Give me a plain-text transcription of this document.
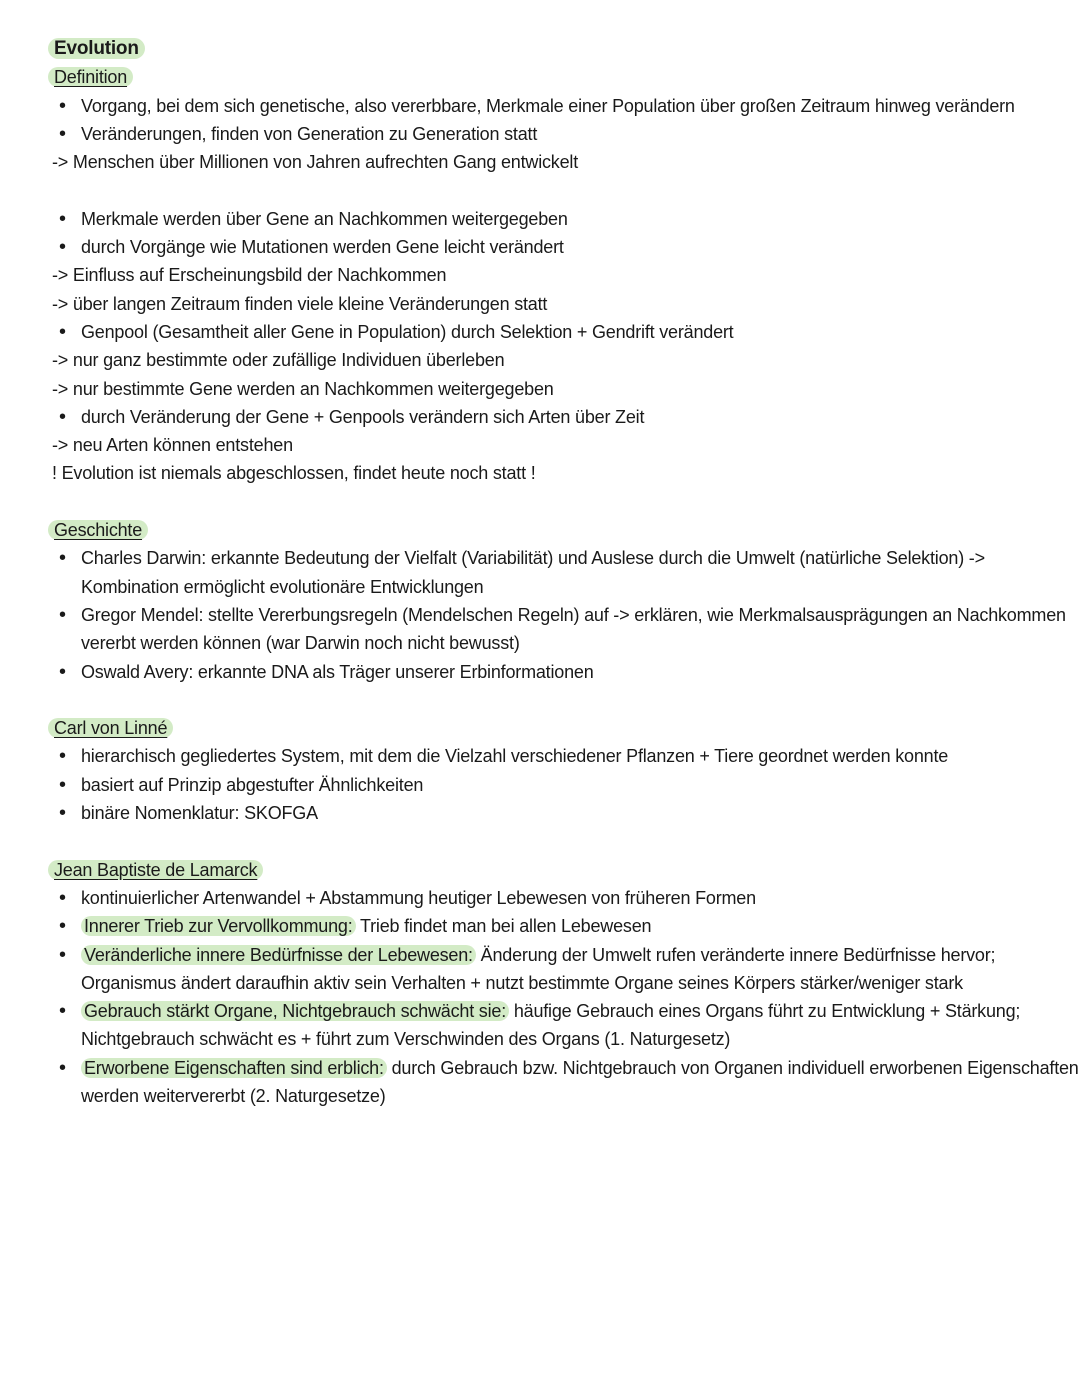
Evolution
Definition
• Vorgang, bei dem sich genetische, also vererbbare, Merkmale einer Population über großen Zeitraum hinweg verändern
• Veränderungen, finden von Generation zu Generation statt
-> Menschen über Millionen von Jahren aufrechten Gang entwickelt
• Merkmale werden über Gene an Nachkommen weitergegeben
• durch Vorgänge wie Mutationen werden Gene leicht verändert
-> Einfluss auf Erscheinungsbild der Nachkommen
-> über langen Zeitraum finden viele kleine Veränderungen statt
• Genpool (Gesamtheit aller Gene in Population) durch Selektion + Gendrift verändert
-> nur ganz bestimmte oder zufällige Individuen überleben
-> nur bestimmte Gene werden an Nachkommen weitergegeben
• durch Veränderung der Gene + Genpools verändern sich Arten über Zeit
-> neu Arten können entstehen
! Evolution ist niemals abgeschlossen, findet heute noch statt !
Geschichte
• Charles Darwin: erkannte Bedeutung der Vielfalt (Variabilität) und Auslese durch die Umwelt (natürliche Selektion) ->
Kombination ermöglicht evolutionäre Entwicklungen
• Gregor Mendel: stellte Vererbungsregeln (Mendelschen Regeln) auf -> erklären, wie Merkmalsausprägungen an Nachkommen
vererbt werden können (war Darwin noch nicht bewusst)
• Oswald Avery: erkannte DNA als Träger unserer Erbinformationen
Carl von Linné
• hierarchisch gegliedertes System, mit dem die Vielzahl verschiedener Pflanzen + Tiere geordnet werden konnte
• basiert auf Prinzip abgestufter Ähnlichkeiten
• binäre Nomenklatur: SKOFGA
Jean Baptiste de Lamarck
• kontinuierlicher Artenwandel + Abstammung heutiger Lebewesen von früheren Formen
• Innerer Trieb zur Vervollkommung: Trieb findet man bei allen Lebewesen
• Veränderliche innere Bedürfnisse der Lebewesen: Änderung der Umwelt rufen veränderte innere Bedürfnisse hervor;
Organismus ändert daraufhin aktiv sein Verhalten + nutzt bestimmte Organe seines Körpers stärker/weniger stark
• Gebrauch stärkt Organe, Nichtgebrauch schwächt sie: häufige Gebrauch eines Organs führt zu Entwicklung + Stärkung;
Nichtgebrauch schwächt es + führt zum Verschwinden des Organs (1. Naturgesetz)
• Erworbene Eigenschaften sind erblich: durch Gebrauch bzw. Nichtgebrauch von Organen individuell erworbenen Eigenschaften
werden weitervererbt (2. Naturgesetze)
